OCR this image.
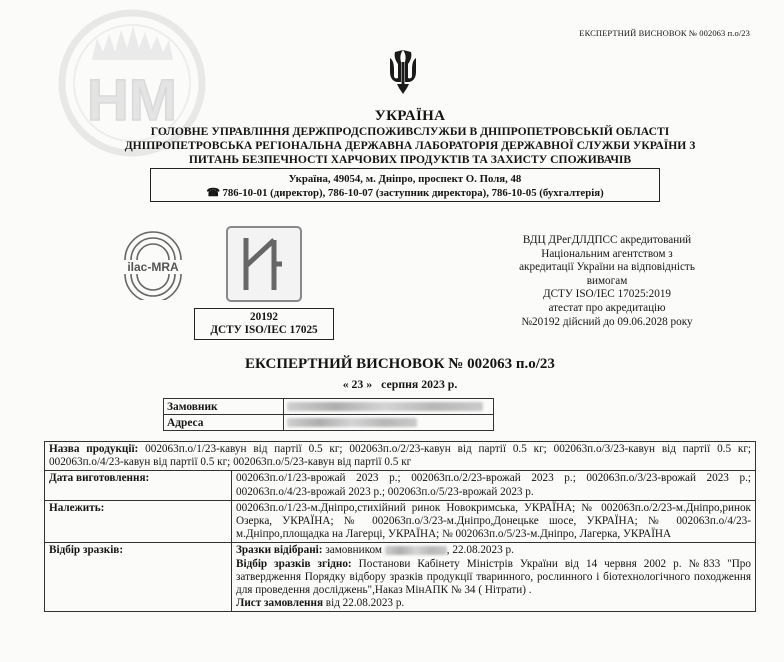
ЕКСПЕРТНИЙ ВИСНОВОК № 002063 п.о/23
НМ	УКРАЇНА
ГОЛОВНЕ УПРАВЛІННЯ ДЕРЖПРОДСПОЖИВСЛУЖБИ В ДНІПРОПЕТРОВСЬКІЙ ОБЛАСТІ
ДНІПРОПЕТРОВСЬКА РЕГІОНАЛЬНА ДЕРЖАВНА ЛАБОРАТОРІЯ ДЕРЖАВНОЇ СЛУЖБИ УКРАЇНИ З
ПИТАНЬ БЕЗПЕЧНОСТІ ХАРЧОВИХ ПРОДУКТІВ ТА ЗАХИСТУ СПОЖИВАЧІВ
Україна, 49054, м. Дніпро, проспект О. Поля, 48
☎ 786-10-01 (директор), 786-10-07 (заступник директора), 786-10-05 (бухгалтерія)
ilac-MRA
20192
ДСТУ ISO/IEC 17025
ВДЦ ДРегДЛДПСС акредитований
Національним агентством з
акредитації України на відповідність
вимогам
ДСТУ ISO/IEC 17025:2019
атестат про акредитацію
№20192 дійсний до 09.06.2028 року
ЕКСПЕРТНИЙ ВИСНОВОК № 002063 п.о/23
« 23 » серпня 2023 р.
Замовник	
Адреса	
Назва продукції: 002063п.о/1/23-кавун від партії 0.5 кг; 002063п.о/2/23-кавун від партії 0.5 кг; 002063п.о/3/23-кавун від партії 0.5 кг; 002063п.о/4/23-кавун від партії 0.5 кг; 002063п.о/5/23-кавун від партії 0.5 кг	
Дата виготовлення:	002063п.о/1/23-врожай 2023 р.; 002063п.о/2/23-врожай 2023 р.; 002063п.о/3/23-врожай 2023 р.; 002063п.о/4/23-врожай 2023 р.; 002063п.о/5/23-врожай 2023 р.
Належить:	002063п.о/1/23-м.Дніпро,стихійний ринок Новокримська, УКРАЇНА; № 002063п.о/2/23-м.Дніпро,ринок Озерка, УКРАЇНА; № 002063п.о/3/23-м.Дніпро,Донецьке шосе, УКРАЇНА; № 002063п.о/4/23-м.Дніпро,площадка на Лагерці, УКРАЇНА; № 002063п.о/5/23-м.Дніпро, Лагерка, УКРАЇНА
Відбір зразків:	Зразки відібрані: замовником , 22.08.2023 р.
Відбір зразків згідно: Постанови Кабінету Міністрів України від 14 червня 2002 р. №833 "Про затвердження Порядку відбору зразків продукції тваринного, рослинного і біотехнологічного походження для проведення досліджень",Наказ МінАПК № 34 ( Нітрати) .
Лист замовлення від 22.08.2023 р.
